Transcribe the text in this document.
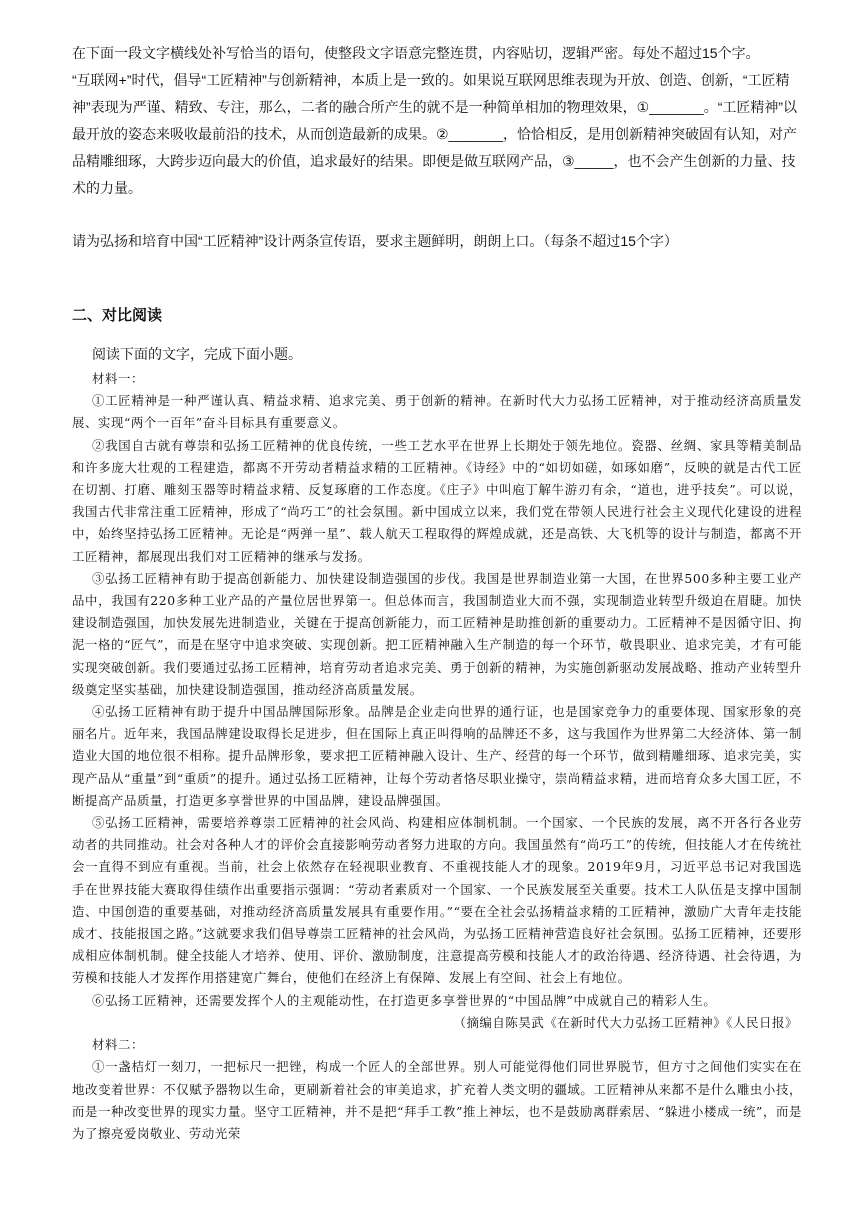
在下面一段文字横线处补写恰当的语句，使整段文字语意完整连贯，内容贴切，逻辑严密。每处不超过15个字。

“互联网+”时代，倡导“工匠精神”与创新精神，本质上是一致的。如果说互联网思维表现为开放、创造、创新，“工匠精神”表现为严谨、精致、专注，那么，二者的融合所产生的就不是一种简单相加的物理效果，①_______。“工匠精神”以最开放的姿态来吸收最前沿的技术，从而创造最新的成果。②_______，恰恰相反，是用创新精神突破固有认知，对产品精雕细琢，大跨步迈向最大的价值，追求最好的结果。即便是做互联网产品，③_____，也不会产生创新的力量、技术的力量。

请为弘扬和培育中国“工匠精神”设计两条宣传语，要求主题鲜明，朗朗上口。（每条不超过15个字）

二、对比阅读
阅读下面的文字，完成下面小题。
材料一：

①工匠精神是一种严谨认真、精益求精、追求完美、勇于创新的精神。在新时代大力弘扬工匠精神，对于推动经济高质量发展、实现“两个一百年”奋斗目标具有重要意义。

②我国自古就有尊崇和弘扬工匠精神的优良传统，一些工艺水平在世界上长期处于领先地位。瓷器、丝绸、家具等精美制品和许多庞大壮观的工程建造，都离不开劳动者精益求精的工匠精神。《诗经》中的“如切如磋，如琢如磨”，反映的就是古代工匠在切割、打磨、雕刻玉器等时精益求精、反复琢磨的工作态度。《庄子》中叫庖丁解牛游刃有余，“道也，进乎技矣”。可以说，我国古代非常注重工匠精神，形成了“尚巧工”的社会氛围。新中国成立以来，我们党在带领人民进行社会主义现代化建设的进程中，始终坚持弘扬工匠精神。无论是“两弹一星”、载人航天工程取得的辉煌成就，还是高铁、大飞机等的设计与制造，都离不开工匠精神，都展现出我们对工匠精神的继承与发扬。

③弘扬工匠精神有助于提高创新能力、加快建设制造强国的步伐。我国是世界制造业第一大国，在世界500多种主要工业产品中，我国有220多种工业产品的产量位居世界第一。但总体而言，我国制造业大而不强，实现制造业转型升级迫在眉睫。加快建设制造强国，加快发展先进制造业，关键在于提高创新能力，而工匠精神是助推创新的重要动力。工匠精神不是因循守旧、拘泥一格的“匠气”，而是在坚守中追求突破、实现创新。把工匠精神融入生产制造的每一个环节，敬畏职业、追求完美，才有可能实现突破创新。我们要通过弘扬工匠精神，培育劳动者追求完美、勇于创新的精神，为实施创新驱动发展战略、推动产业转型升级奠定坚实基础，加快建设制造强国，推动经济高质量发展。

④弘扬工匠精神有助于提升中国品牌国际形象。品牌是企业走向世界的通行证，也是国家竞争力的重要体现、国家形象的亮丽名片。近年来，我国品牌建设取得长足进步，但在国际上真正叫得响的品牌还不多，这与我国作为世界第二大经济体、第一制造业大国的地位很不相称。提升品牌形象，要求把工匠精神融入设计、生产、经营的每一个环节，做到精雕细琢、追求完美，实现产品从“重量”到“重质”的提升。通过弘扬工匠精神，让每个劳动者恪尽职业操守，崇尚精益求精，进而培育众多大国工匠，不断提高产品质量，打造更多享誉世界的中国品牌，建设品牌强国。

⑤弘扬工匠精神，需要培养尊崇工匠精神的社会风尚、构建相应体制机制。一个国家、一个民族的发展，离不开各行各业劳动者的共同推动。社会对各种人才的评价会直接影响劳动者努力进取的方向。我国虽然有“尚巧工”的传统，但技能人才在传统社会一直得不到应有重视。当前，社会上依然存在轻视职业教育、不重视技能人才的现象。2019年9月，习近平总书记对我国选手在世界技能大赛取得佳绩作出重要指示强调：“劳动者素质对一个国家、一个民族发展至关重要。技术工人队伍是支撑中国制造、中国创造的重要基础，对推动经济高质量发展具有重要作用。”“要在全社会弘扬精益求精的工匠精神，激励广大青年走技能成才、技能报国之路。”这就要求我们倡导尊崇工匠精神的社会风尚，为弘扬工匠精神营造良好社会氛围。弘扬工匠精神，还要形成相应体制机制。健全技能人才培养、使用、评价、激励制度，注意提高劳模和技能人才的政治待遇、经济待遇、社会待遇，为劳模和技能人才发挥作用搭建宽广舞台，使他们在经济上有保障、发展上有空间、社会上有地位。

⑥弘扬工匠精神，还需要发挥个人的主观能动性，在打造更多享誉世界的“中国品牌”中成就自己的精彩人生。

（摘编自陈昊武《在新时代大力弘扬工匠精神》《人民日报》

材料二：

①一盏桔灯一刻刀，一把标尺一把锉，构成一个匠人的全部世界。别人可能觉得他们同世界脱节，但方寸之间他们实实在在地改变着世界：不仅赋予器物以生命，更刷新着社会的审美追求，扩充着人类文明的疆域。工匠精神从来都不是什么雕虫小技，而是一种改变世界的现实力量。坚守工匠精神，并不是把“拜手工教”推上神坛，也不是鼓励离群索居、“躲进小楼成一统”，而是为了擦亮爱岗敬业、劳动光荣
